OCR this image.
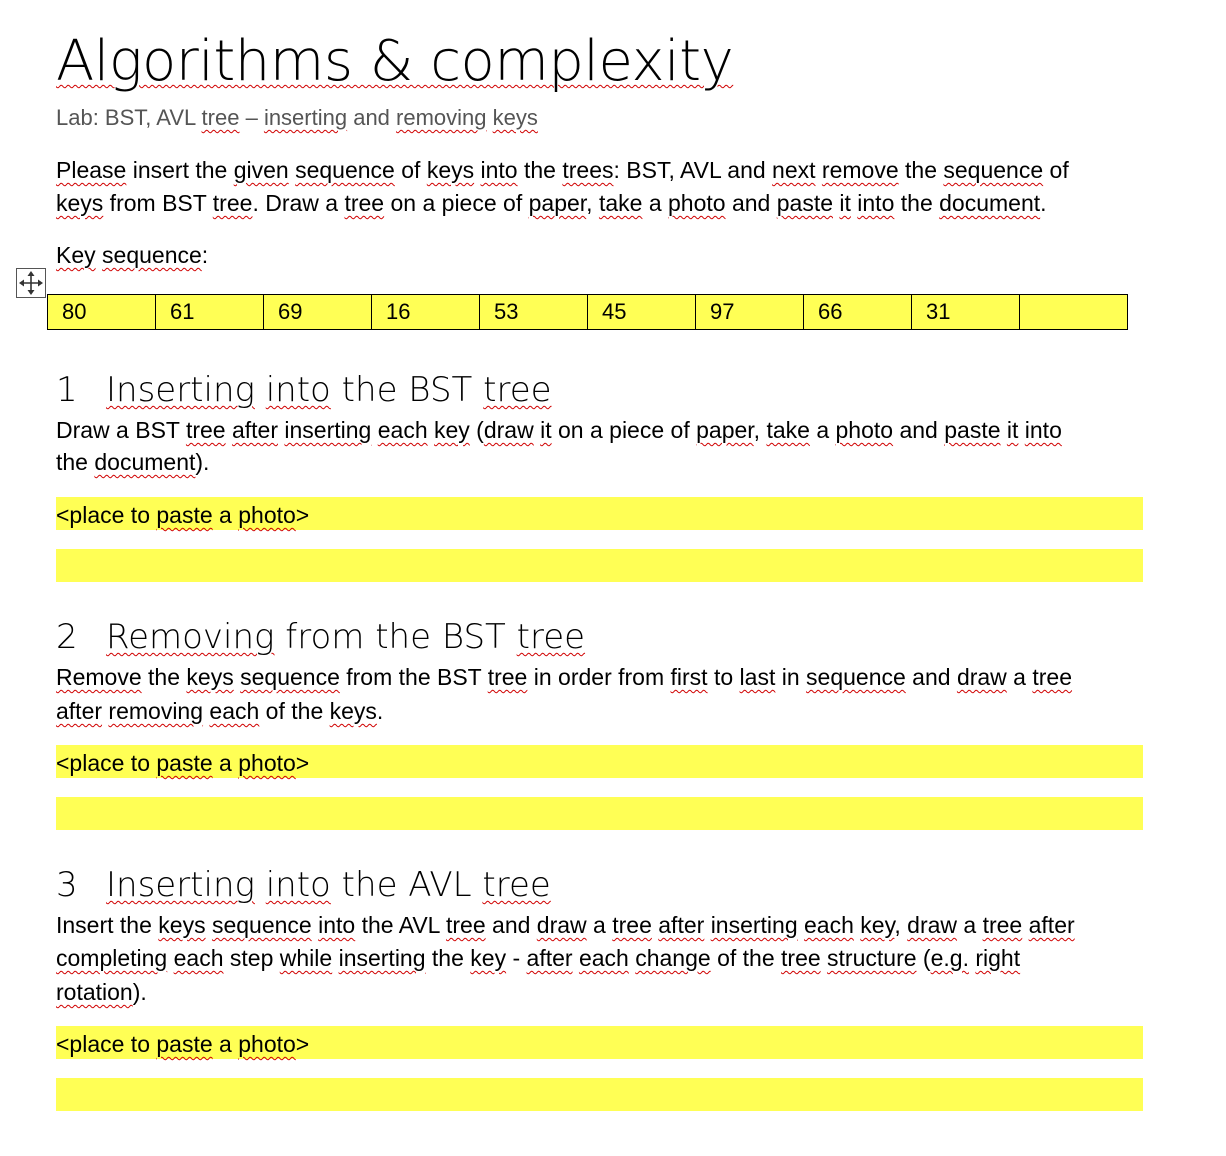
Algorithms & complexity
Lab: BST, AVL tree – inserting and removing keys
Please insert the given sequence of keys into the trees: BST, AVL and next remove the sequence of
keys from BST tree. Draw a tree on a piece of paper, take a photo and paste it into the document.
Key sequence:
80	61	69	16	53	45	97	66	31	
1 Inserting into the BST tree
Draw a BST tree after inserting each key (draw it on a piece of paper, take a photo and paste it into
the document).
<place to paste a photo>
2 Removing from the BST tree
Remove the keys sequence from the BST tree in order from first to last in sequence and draw a tree
after removing each of the keys.
<place to paste a photo>
3 Inserting into the AVL tree
Insert the keys sequence into the AVL tree and draw a tree after inserting each key, draw a tree after
completing each step while inserting the key - after each change of the tree structure (e.g. right
rotation).
<place to paste a photo>
